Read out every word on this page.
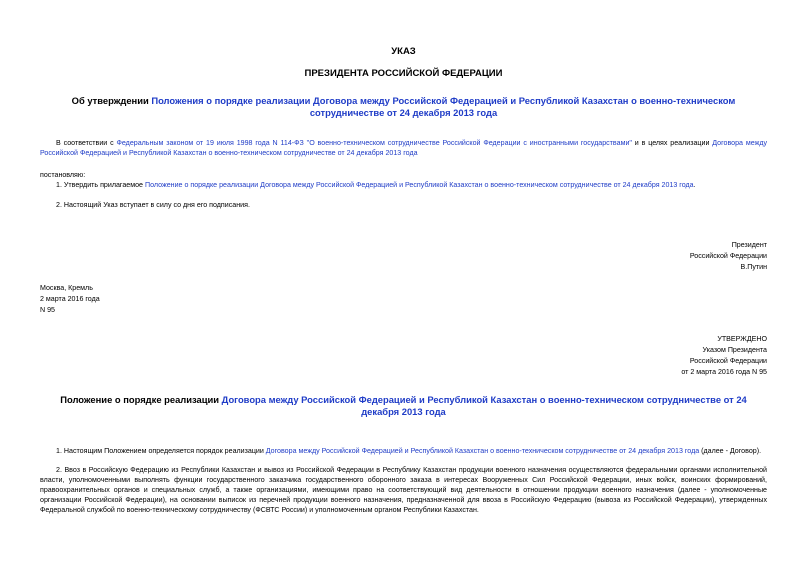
УКАЗ
ПРЕЗИДЕНТА РОССИЙСКОЙ ФЕДЕРАЦИИ
Об утверждении Положения о порядке реализации Договора между Российской Федерацией и Республикой Казахстан о военно-техническом сотрудничестве от 24 декабря 2013 года
В соответствии с Федеральным законом от 19 июля 1998 года N 114-ФЗ "О военно-техническом сотрудничестве Российской Федерации с иностранными государствами" и в целях реализации Договора между Российской Федерацией и Республикой Казахстан о военно-техническом сотрудничестве от 24 декабря 2013 года
постановляю:
1. Утвердить прилагаемое Положение о порядке реализации Договора между Российской Федерацией и Республикой Казахстан о военно-техническом сотрудничестве от 24 декабря 2013 года.
2. Настоящий Указ вступает в силу со дня его подписания.
Президент
Российской Федерации
В.Путин
Москва, Кремль
2 марта 2016 года
N 95
УТВЕРЖДЕНО
Указом Президента
Российской Федерации
от 2 марта 2016 года N 95
Положение о порядке реализации Договора между Российской Федерацией и Республикой Казахстан о военно-техническом сотрудничестве от 24 декабря 2013 года
1. Настоящим Положением определяется порядок реализации Договора между Российской Федерацией и Республикой Казахстан о военно-техническом сотрудничестве от 24 декабря 2013 года (далее - Договор).
2. Ввоз в Российскую Федерацию из Республики Казахстан и вывоз из Российской Федерации в Республику Казахстан продукции военного назначения осуществляются федеральными органами исполнительной власти, уполномоченными выполнять функции государственного заказчика государственного оборонного заказа в интересах Вооруженных Сил Российской Федерации, иных войск, воинских формирований, правоохранительных органов и специальных служб, а также организациями, имеющими право на соответствующий вид деятельности в отношении продукции военного назначения (далее - уполномоченные организации Российской Федерации), на основании выписок из перечней продукции военного назначения, предназначенной для ввоза в Российскую Федерацию (вывоза из Российской Федерации), утвержденных Федеральной службой по военно-техническому сотрудничеству (ФСВТС России) и уполномоченным органом Республики Казахстан.
